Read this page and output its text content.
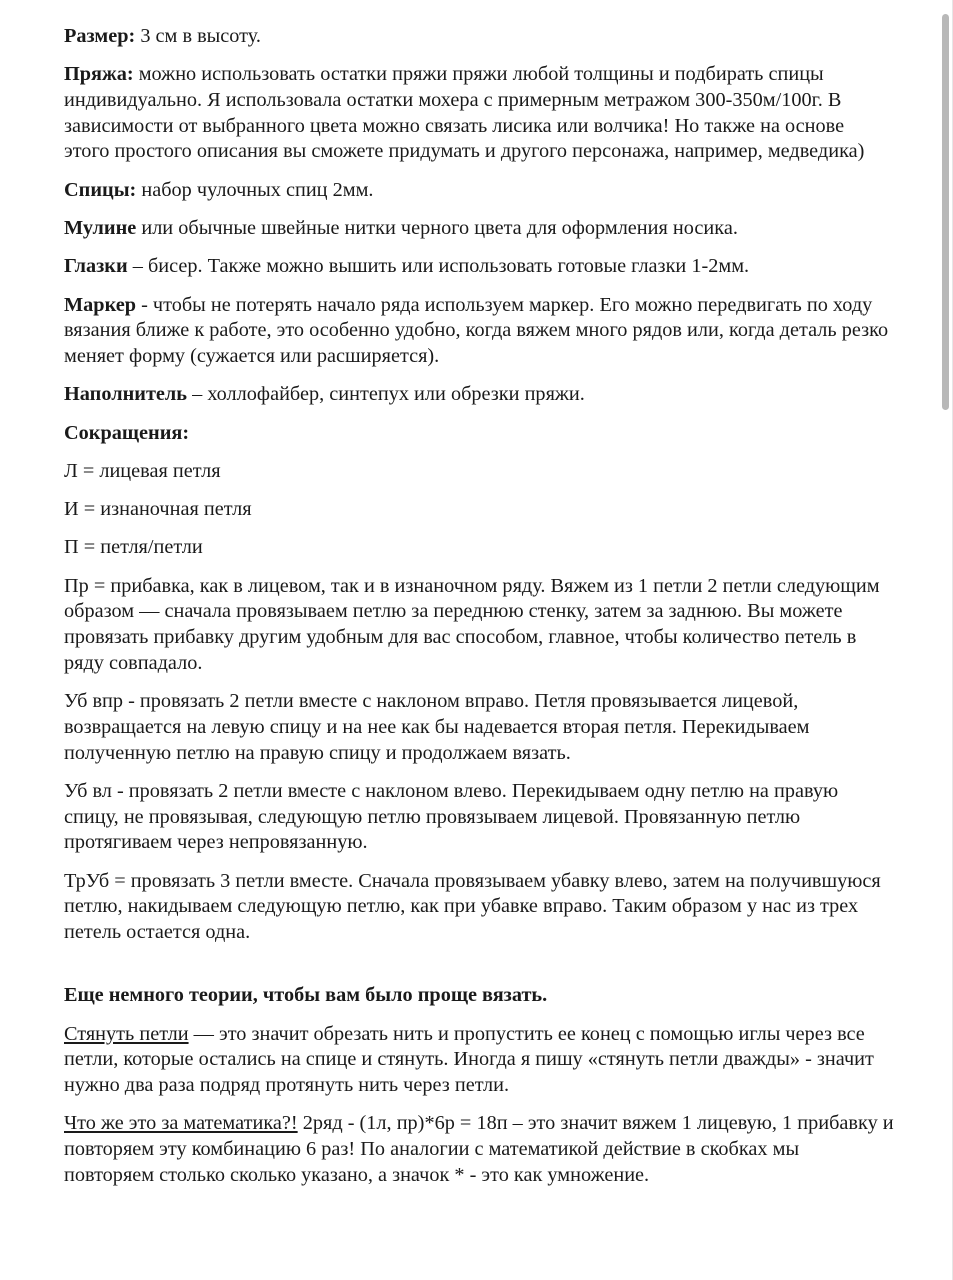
Размер: 3 см в высоту.

Пряжа: можно использовать остатки пряжи пряжи любой толщины и подбирать спицы индивидуально. Я использовала остатки мохера с примерным метражом 300-350м/100г. В зависимости от выбранного цвета можно связать лисика или волчика! Но также на основе этого простого описания вы сможете придумать и другого персонажа, например, медведика)

Спицы: набор чулочных спиц 2мм.

Мулине или обычные швейные нитки черного цвета для оформления носика.

Глазки – бисер. Также можно вышить или использовать готовые глазки 1-2мм.

Маркер - чтобы не потерять начало ряда используем маркер. Его можно передвигать по ходу вязания ближе к работе, это особенно удобно, когда вяжем много рядов или, когда деталь резко меняет форму (сужается или расширяется).

Наполнитель – холлофайбер, синтепух или обрезки пряжи.

Сокращения:

Л = лицевая петля

И = изнаночная петля

П = петля/петли

Пр = прибавка, как в лицевом, так и в изнаночном ряду. Вяжем из 1 петли 2 петли следующим образом — сначала провязываем петлю за переднюю стенку, затем за заднюю. Вы можете провязать прибавку другим удобным для вас способом, главное, чтобы количество петель в ряду совпадало.

Уб впр - провязать 2 петли вместе с наклоном вправо. Петля провязывается лицевой, возвращается на левую спицу и на нее как бы надевается вторая петля. Перекидываем полученную петлю на правую спицу и продолжаем вязать.

Уб вл - провязать 2 петли вместе с наклоном влево. Перекидываем одну петлю на правую спицу, не провязывая, следующую петлю провязываем лицевой. Провязанную петлю протягиваем через непровязанную.

ТрУб = провязать 3 петли вместе. Сначала провязываем убавку влево, затем на получившуюся петлю, накидываем следующую петлю, как при убавке вправо. Таким образом у нас из трех петель остается одна.

Еще немного теории, чтобы вам было проще вязать.

Стянуть петли — это значит обрезать нить и пропустить ее конец с помощью иглы через все петли, которые остались на спице и стянуть. Иногда я пишу «стянуть петли дважды» - значит нужно два раза подряд протянуть нить через петли.

Что же это за математика?! 2ряд - (1л, пр)*6р = 18п – это значит вяжем 1 лицевую, 1 прибавку и повторяем эту комбинацию 6 раз! По аналогии с математикой действие в скобках мы повторяем столько сколько указано, а значок * - это как умножение.
